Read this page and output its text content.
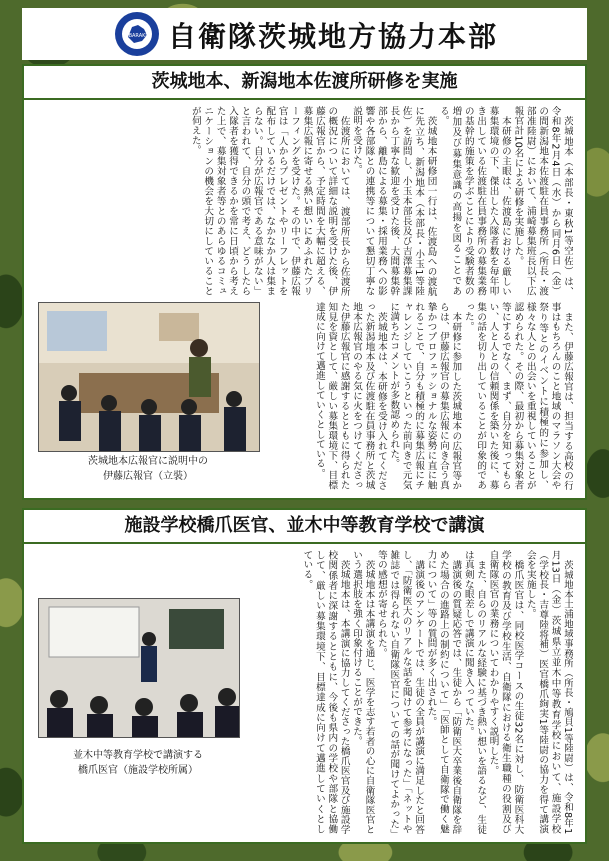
IBARAKI 自衛隊茨城地方協力本部
茨城地本、新潟地本佐渡所研修を実施

茨城地本（本部長・東秋1等空佐）は、令和8年2月4日（水）から同月6日（金）の間新潟地本佐渡駐在員事務所（所長・渡部准陸尉）において、浦崎募集班長以下広報官計10名による研修を実施した。

本研修の主眼は、佐渡島における厳しい募集環境の下、傑出した入隊者数を毎年叩き出している佐渡駐在員事務所の募集業務の基幹的施策を学ぶことにより受験者数の増加及び募集意識の高揚を図ることである。

茨城地本研修団一行は、佐渡島への渡航に先立ち、新潟地本（本部長・小玉1等陸佐）を訪問し、小玉本部長及び吉澤募集課長から丁寧な歓迎を受けた後、大間募集幹部から、離島による募集・採用業務への影響や各部隊との連携等について懇切丁寧な説明を受けた。

佐渡所においては、渡部所長から佐渡所の概況について詳細な説明を受けた後、伊藤広報官から、予定時間を大幅に超える、募集広報に寄せる熱い想いにあふれたブリーフィングを受けた。その中で、伊藤広報官は「人からプレゼントやリーフレットを配布しているだけでは、なかなか人は集まらない。自分が広報官である意味がない」と言われて、自分の頭で考え、どうしたら入隊者を獲得できるかを常に日頃から考えた上で、募集対象者等とのあらゆるコミュニケーションの機会を大切にしていることが伺えた。

また、伊藤広報官は、担当する高校の行事はもちろんのこと地域のマラソン大会や祭り等とのイベントに積極的に参加し、様々な人との出会いを重視していることが認められた。その際、最初から募集対象者等にするでなく、まず、自分を知ってもらい、人と人との信頼関係を築いた後に、募集の話を切り出していることが印象的であった。

本研修に参加した茨城地本の広報官等からは、伊藤広報官の募集広報に向き合う真摯かつプロフェッショナルな姿勢に直に触れることで、自分も積極的に募集広報にチャレンジしていこうといった前向きで元気に満ちたコメントが多数認められた。

茨城地本は、本研修を受け入れてくださった新潟地本及び佐渡駐在員事務所と茨城地本広報官のやる気に火をつけてくださった伊藤広報官に感謝するとともに得られた知見を資として、厳しい募集環境下、目標達成に向けて邁進していくとしている。

茨城地本広報官に説明中の
伊藤広報官（立裝）
施設学校橋爪医官、並木中等教育学校で講演

茨城地本土浦地域事務所（所長・鳩貝1等陸尉）は、令和8年1月13日（金）茨城県立並木中等教育学校において、施設学校（学校長・吉尊陸将補）医官橋爪絢実1等陸尉の協力を得て講演会を実施した。

橋爪医官は、同校医学コースの生徒32名に対し、防衛医科大学校の教育及び学校生活、自衛隊における衛生職種の役割及び自衛隊医官の業務についてわかりやすく説明した。

また、自らのリアルな経験に基づき熱い想いを語るなど、生徒は真剣な眼差しで講演に聞き入っていた。

講演後の質疑応答では、生徒から「防衛医大卒業後自衛隊を辞めた場合の進路上の制約について」「医師として自衛隊で働く魅力について」等の質問が多く出された。

講演後のアンケートでは、生徒の全員が講演に満足したと回答し、「防衛医大のリアルな話を聞けて参考になった」「ネットや雑誌では得られない自衛隊医官についての話が聞けてよかった」等の感想が寄せられた。

茨城地本は本講演を通じ、医学を志す若者の心に自衛隊医官という選択肢を強く印象付けることができた。

茨城地本は、本講演に協力してくださった橋爪医官及び施設学校関係者に深謝するとともに、今後も県内の学校や部隊と協働して、厳しい募集環境下、目標達成に向けて邁進していくとしている。

並木中等教育学校で講演する
橋爪医官（施設学校所属）
